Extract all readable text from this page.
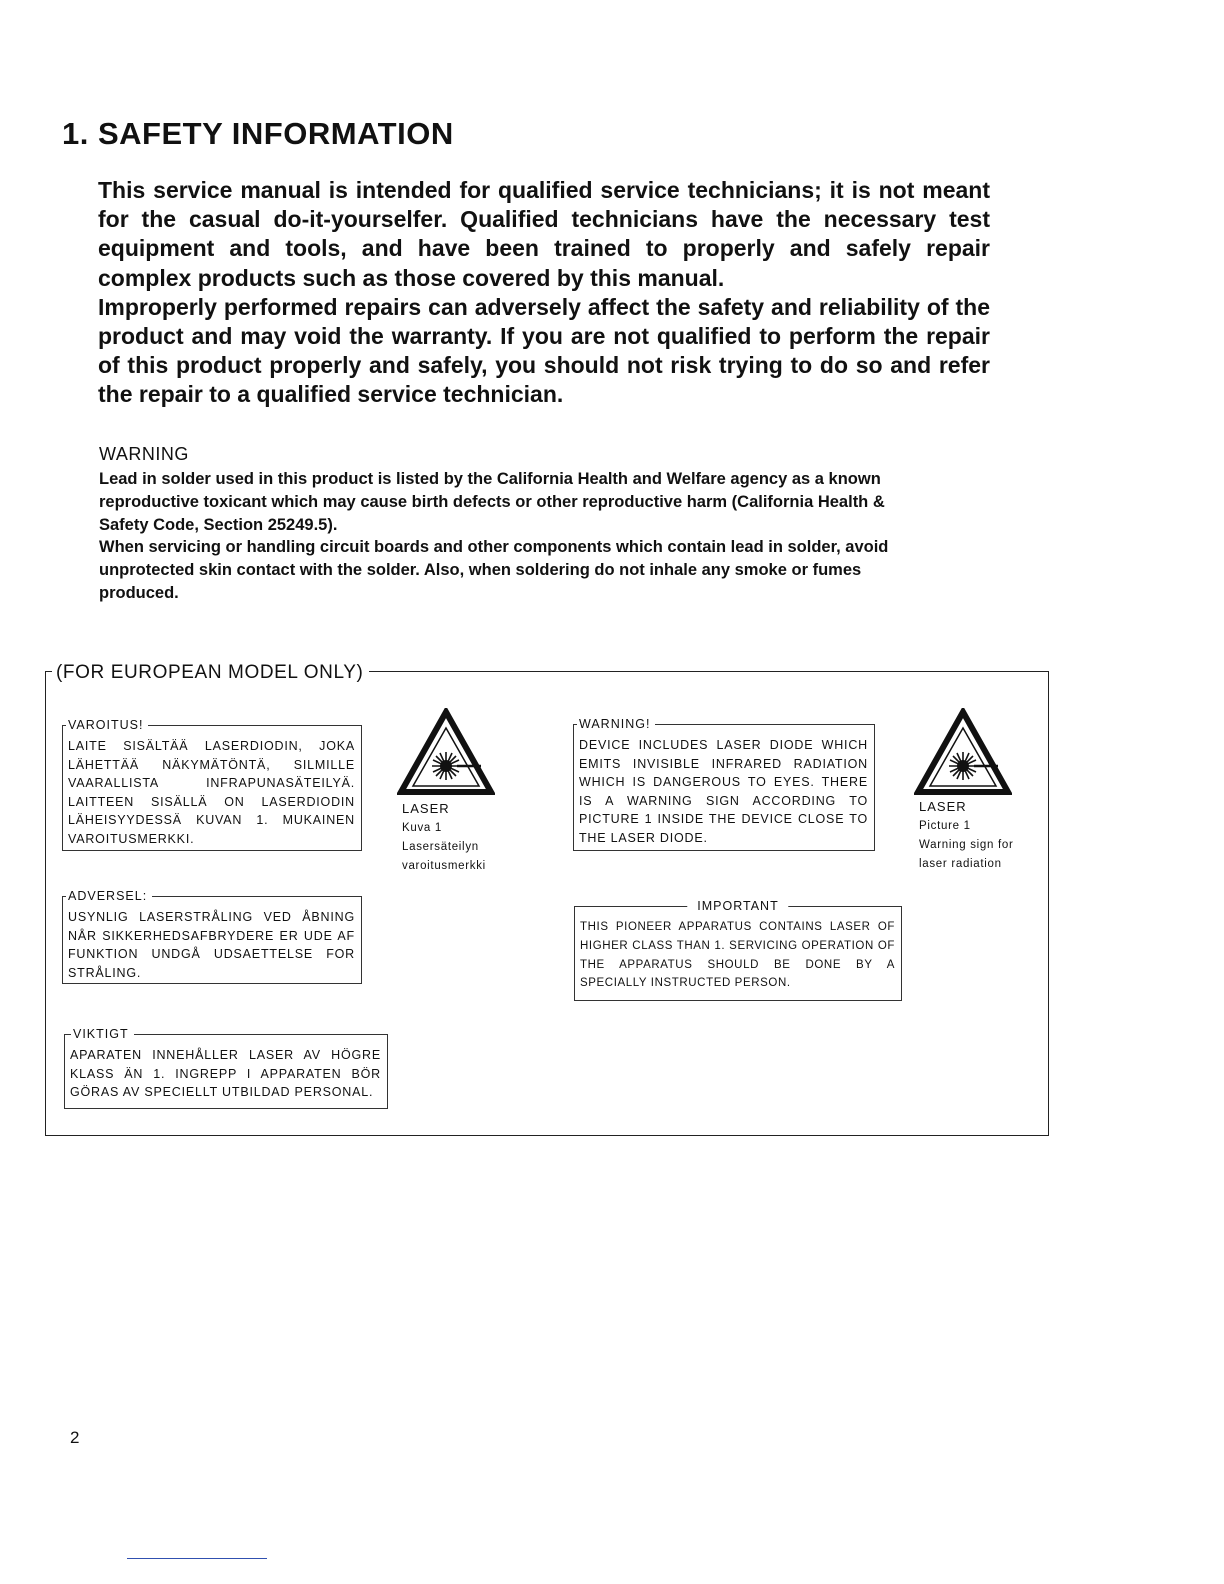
1. SAFETY INFORMATION

This service manual is intended for qualified service technicians; it is not meant for the casual do-it-yourselfer. Qualified technicians have the necessary test equipment and tools, and have been trained to properly and safely repair complex products such as those covered by this manual.

Improperly performed repairs can adversely affect the safety and reliability of the product and may void the warranty. If you are not qualified to perform the repair of this product properly and safely, you should not risk trying to do so and refer the repair to a qualified service technician.

WARNING

Lead in solder used in this product is listed by the California Health and Welfare agency as a known reproductive toxicant which may cause birth defects or other reproductive harm (California Health & Safety Code, Section 25249.5).

When servicing or handling circuit boards and other components which contain lead in solder, avoid unprotected skin contact with the solder. Also, when soldering do not inhale any smoke or fumes produced.

(FOR EUROPEAN MODEL ONLY)
VAROITUS!
LAITE SISÄLTÄÄ LASERDIODIN, JOKA LÄHETTÄÄ NÄKYMÄTÖNTÄ, SILMILLE VAARALLISTA INFRAPUNASÄTEILYÄ. LAITTEEN SISÄLLÄ ON LASERDIODIN LÄHEISYYDESSÄ KUVAN 1. MUKAINEN VAROITUSMERKKI.
ADVERSEL:
USYNLIG LASERSTRÅLING VED ÅBNING NÅR SIKKERHEDSAFBRYDERE ER UDE AF FUNKTION UNDGÅ UDSAETTELSE FOR STRÅLING.
VIKTIGT
APARATEN INNEHÅLLER LASER AV HÖGRE KLASS ÄN 1. INGREPP I APPARATEN BÖR GÖRAS AV SPECIELLT UTBILDAD PERSONAL.
LASER
Kuva 1
Lasersäteilyn
varoitusmerkki
WARNING!
DEVICE INCLUDES LASER DIODE WHICH EMITS INVISIBLE INFRARED RADIATION WHICH IS DANGEROUS TO EYES. THERE IS A WARNING SIGN ACCORDING TO PICTURE 1 INSIDE THE DEVICE CLOSE TO THE LASER DIODE.
IMPORTANT
THIS PIONEER APPARATUS CONTAINS LASER OF HIGHER CLASS THAN 1. SERVICING OPERATION OF THE APPARATUS SHOULD BE DONE BY A SPECIALLY INSTRUCTED PERSON.
LASER
Picture 1
Warning sign for
laser radiation
2
